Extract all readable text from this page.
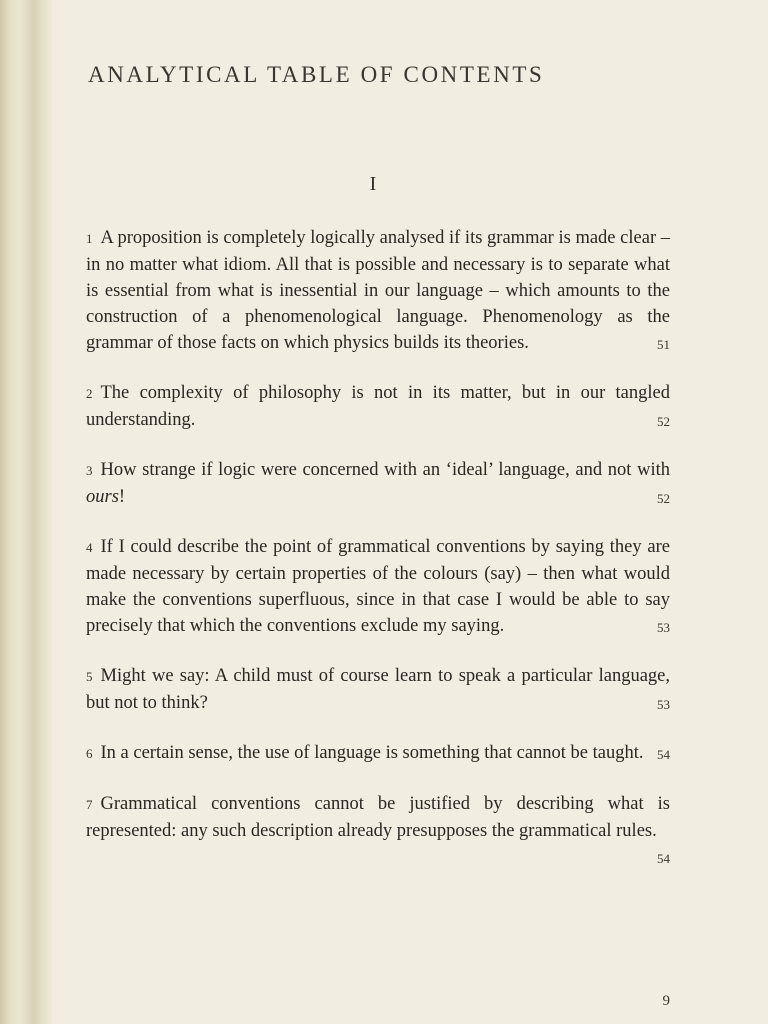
ANALYTICAL TABLE OF CONTENTS
I
1 A proposition is completely logically analysed if its grammar is made clear – in no matter what idiom. All that is possible and necessary is to separate what is essential from what is inessential in our language – which amounts to the construction of a phenomenological language. Phenomenology as the grammar of those facts on which physics builds its theories.	51
2 The complexity of philosophy is not in its matter, but in our tangled understanding.	52
3 How strange if logic were concerned with an ‘ideal’ language, and not with ours!	52
4 If I could describe the point of grammatical conventions by saying they are made necessary by certain properties of the colours (say) – then what would make the conventions superfluous, since in that case I would be able to say precisely that which the conventions exclude my saying.	53
5 Might we say: A child must of course learn to speak a particular language, but not to think?	53
6 In a certain sense, the use of language is something that cannot be taught. 54
7 Grammatical conventions cannot be justified by describing what is represented: any such description already presupposes the grammatical rules.
54
9
